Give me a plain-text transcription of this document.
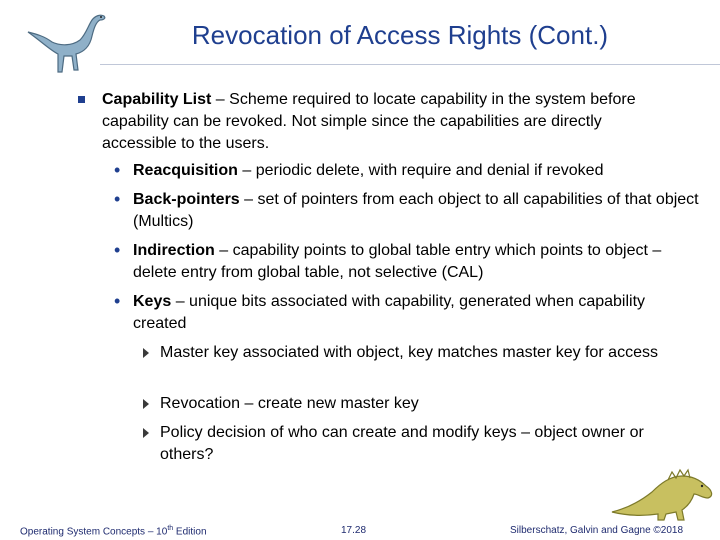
Revocation of Access Rights (Cont.)
Capability List – Scheme required to locate capability in the system before capability can be revoked. Not simple since the capabilities are directly accessible to the users.
• Reacquisition – periodic delete, with require and denial if revoked
• Back-pointers – set of pointers from each object to all capabilities of that object (Multics)
• Indirection – capability points to global table entry which points to object – delete entry from global table, not selective (CAL)
• Keys – unique bits associated with capability, generated when capability created
Master key associated with object, key matches master key for access
Revocation – create new master key
Policy decision of who can create and modify keys – object owner or others?
Operating System Concepts – 10th Edition	17.28	Silberschatz, Galvin and Gagne ©2018
